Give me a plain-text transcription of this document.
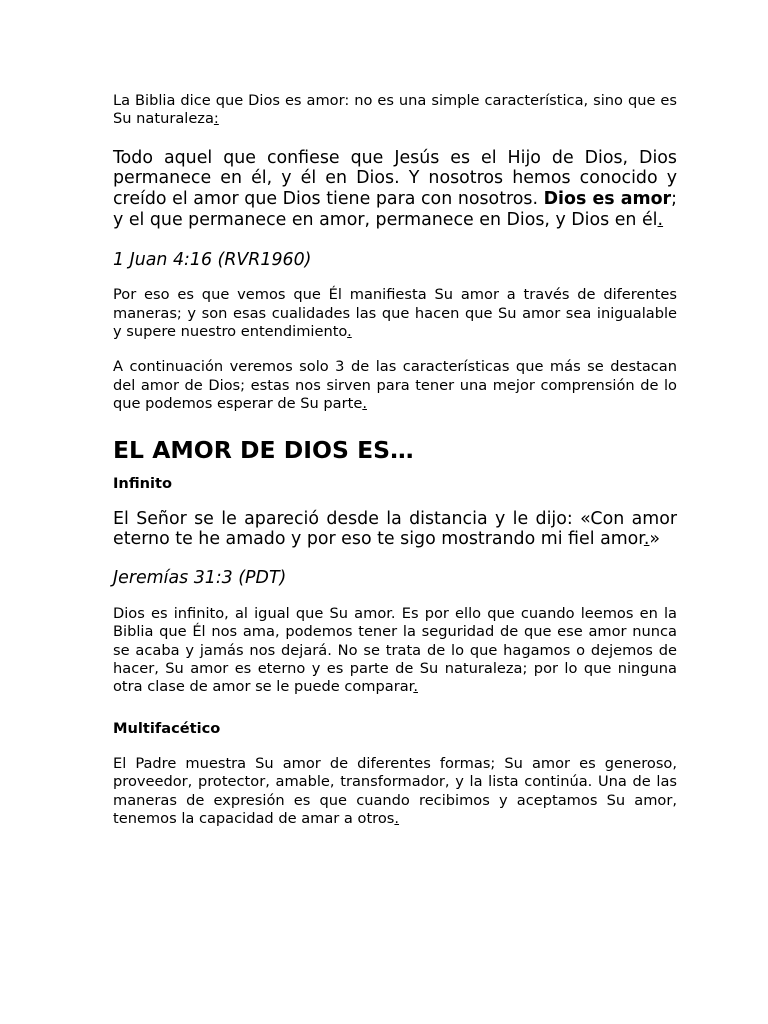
La Biblia dice que Dios es amor: no es una simple característica, sino que es Su naturaleza:

Todo aquel que confiese que Jesús es el Hijo de Dios, Dios permanece en él, y él en Dios. Y nosotros hemos conocido y creído el amor que Dios tiene para con nosotros. Dios es amor; y el que permanece en amor, permanece en Dios, y Dios en él.

1 Juan 4:16 (RVR1960)

Por eso es que vemos que Él manifiesta Su amor a través de diferentes maneras; y son esas cualidades las que hacen que Su amor sea inigualable y supere nuestro entendimiento.

A continuación veremos solo 3 de las características que más se destacan del amor de Dios; estas nos sirven para tener una mejor comprensión de lo que podemos esperar de Su parte.

EL AMOR DE DIOS ES…

Infinito

El Señor se le apareció desde la distancia y le dijo: «Con amor eterno te he amado y por eso te sigo mostrando mi fiel amor.»

Jeremías 31:3 (PDT)

Dios es infinito, al igual que Su amor. Es por ello que cuando leemos en la Biblia que Él nos ama, podemos tener la seguridad de que ese amor nunca se acaba y jamás nos dejará. No se trata de lo que hagamos o dejemos de hacer, Su amor es eterno y es parte de Su naturaleza; por lo que ninguna otra clase de amor se le puede comparar.

Multifacético

El Padre muestra Su amor de diferentes formas; Su amor es generoso, proveedor, protector, amable, transformador, y la lista continúa. Una de las maneras de expresión es que cuando recibimos y aceptamos Su amor, tenemos la capacidad de amar a otros.
